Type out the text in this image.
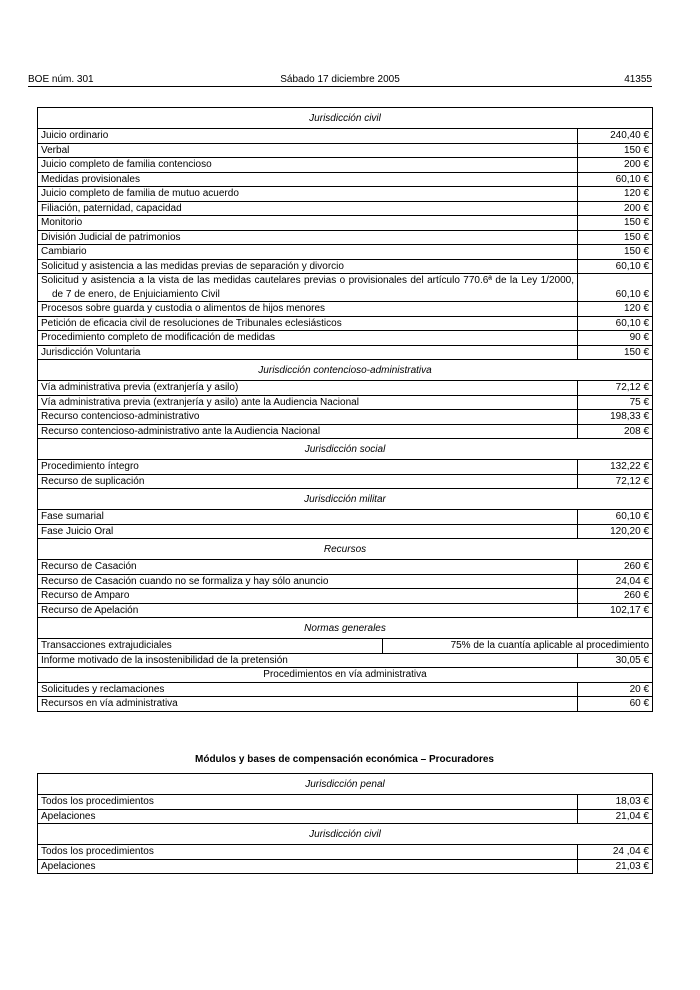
BOE núm. 301	Sábado 17 diciembre 2005	41355
Jurisdicción civil		
Juicio ordinario		240,40 €
Verbal		150 €
Juicio completo de familia contencioso		200 €
Medidas provisionales		60,10 €
Juicio completo de familia de mutuo acuerdo		120 €
Filiación, paternidad, capacidad		200 €
Monitorio		150 €
División Judicial de patrimonios		150 €
Cambiario		150 €
Solicitud y asistencia a las medidas previas de separación y divorcio		60,10 €
Solicitud y asistencia a la vista de las medidas cautelares previas o provisionales del artículo 770.6ª de la Ley 1/2000, de 7 de enero, de Enjuiciamiento Civil		60,10 €
Procesos sobre guarda y custodia o alimentos de hijos menores		120 €
Petición de eficacia civil de resoluciones de Tribunales eclesiásticos		60,10 €
Procedimiento completo de modificación de medidas		90 €
Jurisdicción Voluntaria		150 €
Jurisdicción contencioso-administrativa		
Vía administrativa previa (extranjería y asilo)		72,12 €
Vía administrativa previa (extranjería y asilo) ante la Audiencia Nacional		75 €
Recurso contencioso-administrativo		198,33 €
Recurso contencioso-administrativo ante la Audiencia Nacional		208 €
Jurisdicción social		
Procedimiento íntegro		132,22 €
Recurso de suplicación		72,12 €
Jurisdicción militar		
Fase sumarial		60,10 €
Fase Juicio Oral		120,20 €
Recursos		
Recurso de Casación		260 €
Recurso de Casación cuando no se formaliza y hay sólo anuncio		24,04 €
Recurso de Amparo		260 €
Recurso de Apelación		102,17 €
Normas generales		
Transacciones extrajudiciales	75% de la cuantía aplicable al procedimiento	
Informe motivado de la insostenibilidad de la pretensión		30,05 €
Procedimientos en vía administrativa		
Solicitudes y reclamaciones		20 €
Recursos en vía administrativa		60 €
Módulos y bases de compensación económica – Procuradores
Jurisdicción penal	
Todos los procedimientos	18,03 €
Apelaciones	21,04 €
Jurisdicción civil	
Todos los procedimientos	24 ,04 €
Apelaciones	21,03 €
